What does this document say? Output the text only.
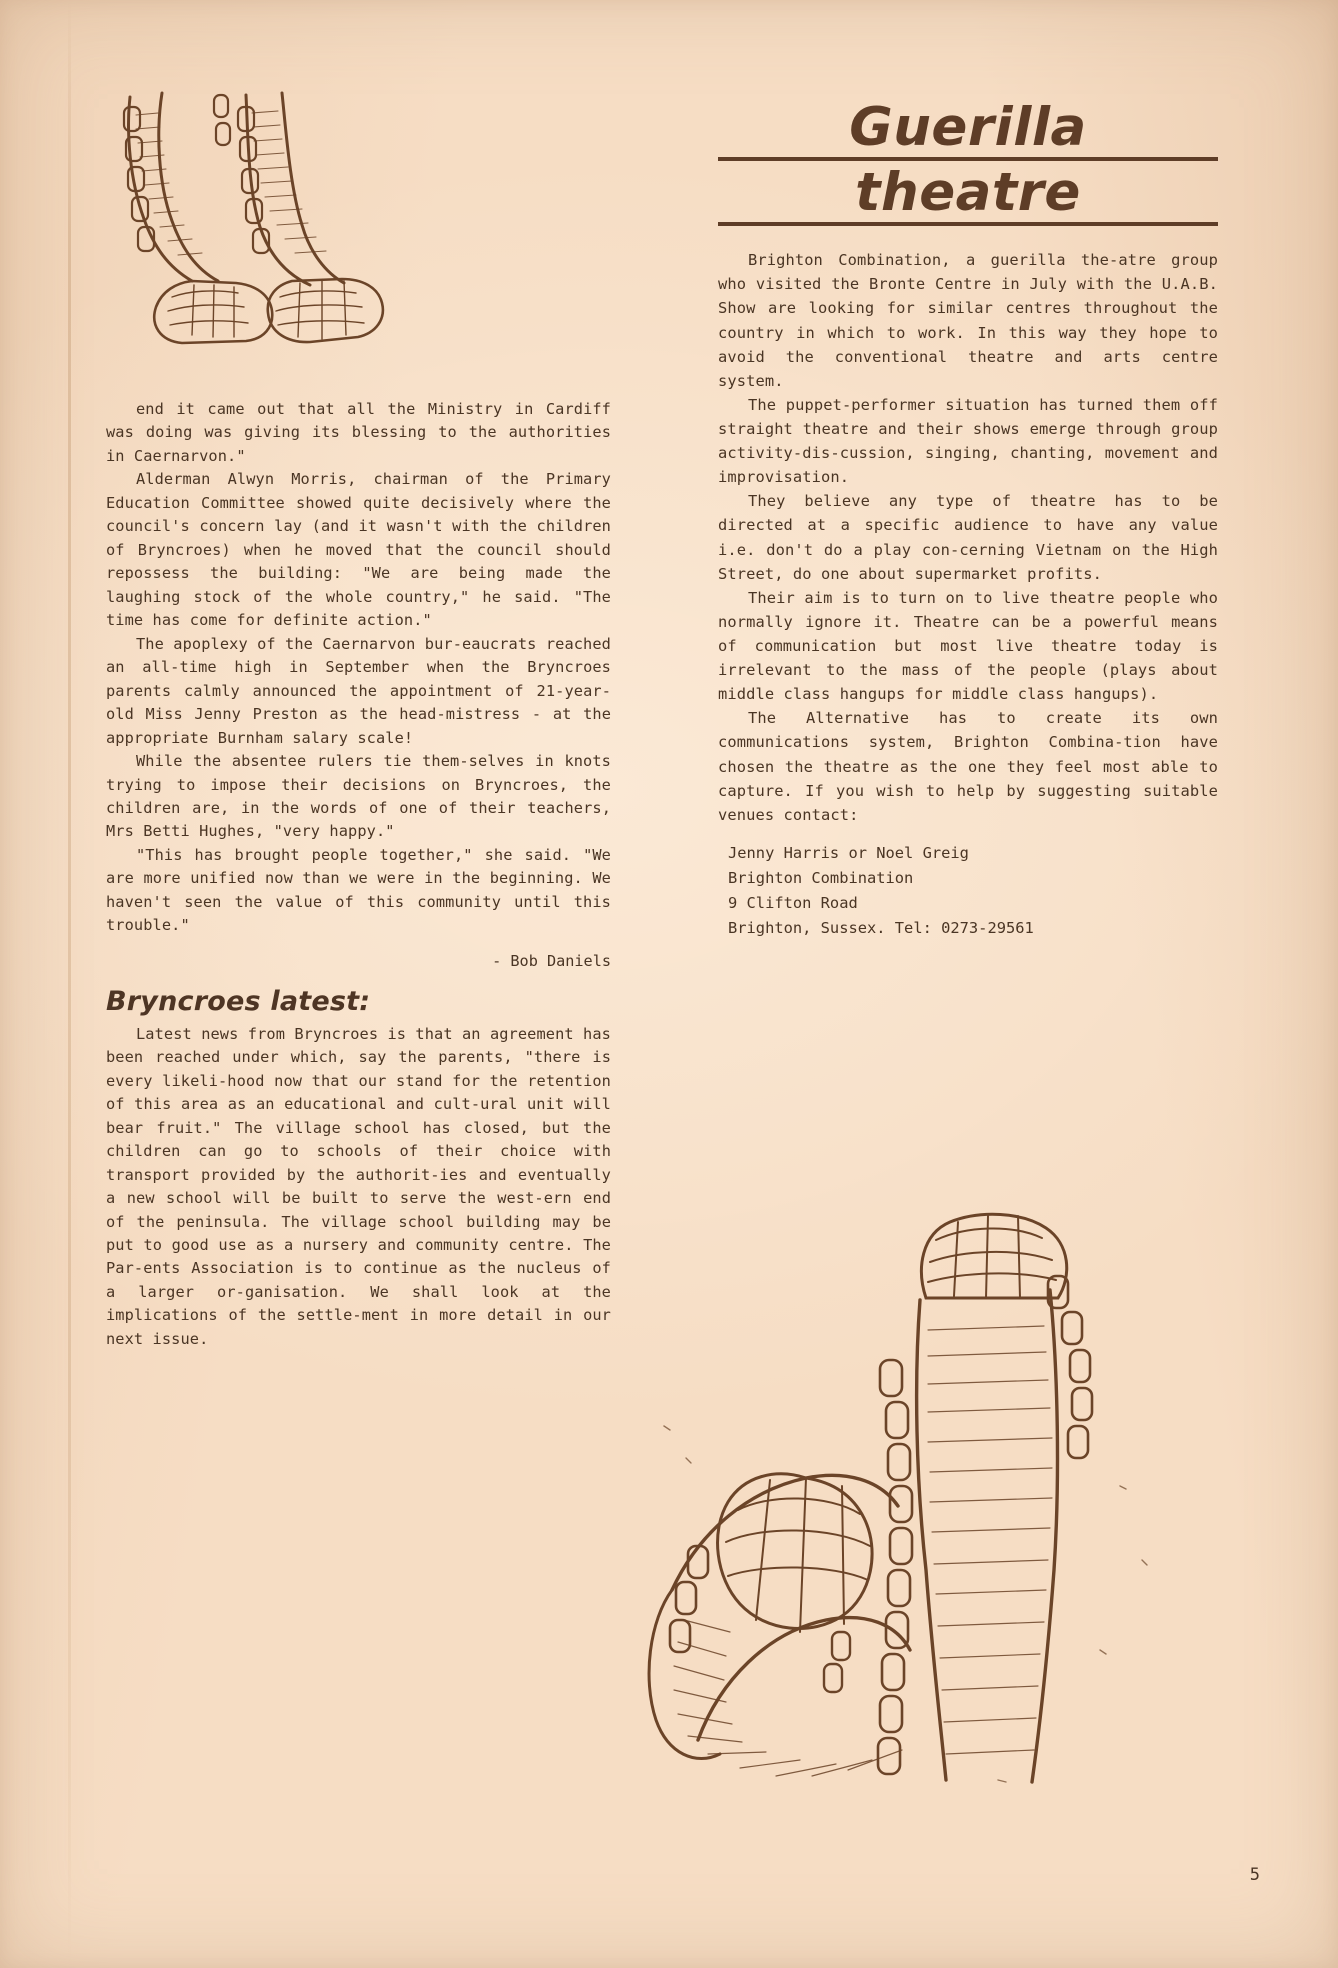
end it came out that all the Ministry in Cardiff was doing was giving its blessing to the authorities in Caernarvon."

Alderman Alwyn Morris, chairman of the Primary Education Committee showed quite decisively where the council's concern lay (and it wasn't with the children of Bryncroes) when he moved that the council should repossess the building: "We are being made the laughing stock of the whole country," he said. "The time has come for definite action."

The apoplexy of the Caernarvon bur-eaucrats reached an all-time high in September when the Bryncroes parents calmly announced the appointment of 21-year-old Miss Jenny Preston as the head-mistress - at the appropriate Burnham salary scale!

While the absentee rulers tie them-selves in knots trying to impose their decisions on Bryncroes, the children are, in the words of one of their teachers, Mrs Betti Hughes, "very happy."

"This has brought people together," she said. "We are more unified now than we were in the beginning. We haven't seen the value of this community until this trouble."

- Bob Daniels
Bryncroes latest:

Latest news from Bryncroes is that an agreement has been reached under which, say the parents, "there is every likeli-hood now that our stand for the retention of this area as an educational and cult-ural unit will bear fruit." The village school has closed, but the children can go to schools of their choice with transport provided by the authorit-ies and eventually a new school will be built to serve the west-ern end of the peninsula. The village school building may be put to good use as a nursery and community centre. The Par-ents Association is to continue as the nucleus of a larger or-ganisation. We shall look at the implications of the settle-ment in more detail in our next issue.

Guerilla
theatre

Brighton Combination, a guerilla the-atre group who visited the Bronte Centre in July with the U.A.B. Show are looking for similar centres throughout the country in which to work. In this way they hope to avoid the conventional theatre and arts centre system.

The puppet-performer situation has turned them off straight theatre and their shows emerge through group activity-dis-cussion, singing, chanting, movement and improvisation.

They believe any type of theatre has to be directed at a specific audience to have any value i.e. don't do a play con-cerning Vietnam on the High Street, do one about supermarket profits.

Their aim is to turn on to live theatre people who normally ignore it. Theatre can be a powerful means of communication but most live theatre today is irrelevant to the mass of the people (plays about middle class hangups for middle class hangups).

The Alternative has to create its own communications system, Brighton Combina-tion have chosen the theatre as the one they feel most able to capture. If you wish to help by suggesting suitable venues contact:

Jenny Harris or Noel Greig
Brighton Combination
9 Clifton Road
Brighton, Sussex. Tel: 0273-29561
5
